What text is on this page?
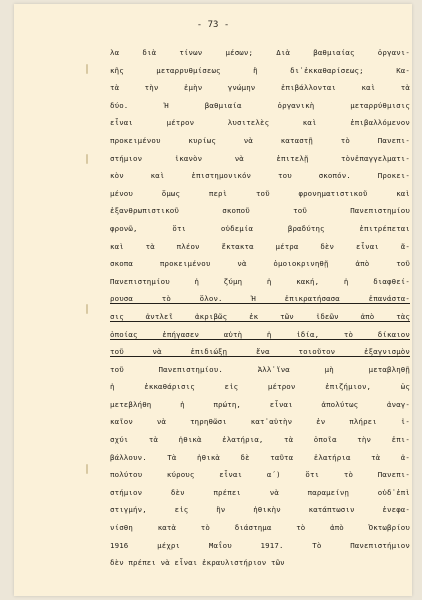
- 73 -
λα διὰ τίνων μέσων; Διὰ βαθμιαίας ὀργανι-
κῆς μεταρρυθμίσεως ἢ δι᾽ἐκκαθαρίσεως; Κα-
τὰ τὴν ἐμὴν γνώμην ἐπιβάλλονται καὶ τὰ
δύο. Ἡ βαθμιαία ὀργανικὴ μεταρρύθμισις
εἶναι μέτρον λυσιτελὲς καὶ ἐπιβαλλόμενον
προκειμένου κυρίως νὰ καταστῇ τὸ Πανεπι-
στήμιον ἱκανὸν νὰ ἐπιτελῇ τὸνἐπαγγελματι-
κὸν καὶ ἐπιστημονικόν του σκοπόν. Προκει-
μένου ὅμως περὶ τοῦ φρονηματιστικοῦ καὶ
ἐξανθρωπιστικοῦ σκοποῦ τοῦ Πανεπιστημίου
φρονῶ, ὅτι οὐδεμία βραδύτης ἐπιτρέπεται
καὶ τὰ πλέον ἔκτακτα μέτρα δὲν εἶναι ἄ-
σκοπα προκειμένου νὰ ὁμοιοκρινηθῇ ἀπὸ τοῦ
Πανεπιστημίου ἡ ζύμη ἡ κακή, ἡ διαφθεί-
ρουσα τὸ ὅλον. Ἡ ἐπικρατήσασα ἐπανάστα-
σις ἀντλεῖ ἀκριβῶς ἐκ τῶν ἰδεῶν ἀπὸ τὰς
ὁποίας ἐπήγασεν αὐτὴ ἡ ἰδία, τὸ δίκαιον
τοῦ νὰ ἐπιδιώξῃ ἕνα τοιοῦτον ἐξαγνισμὸν
τοῦ Πανεπιστημίου. Ἀλλ᾽ἵνα μὴ μεταβληθῇ
ἡ ἐκκαθάρισις εἰς μέτρον ἐπιζήμιον, ὡς
μετεβλήθη ἡ πρώτη, εἶναι ἀπολύτως ἀναγ-
καῖον νὰ τηρηθῶσι κατ᾽αὐτὴν ἐν πλήρει ἰ-
σχύι τὰ ἠθικὰ ἐλατήρια, τὰ ὁποῖα τὴν ἐπι-
βάλλουν. Τὰ ἠθικὰ δὲ ταῦτα ἐλατήρια τὰ ἀ-
πολύτου κύρους εἶναι α΄) ὅτι τὸ Πανεπι-
στήμιον δὲν πρέπει νὰ παραμείνῃ οὐδ᾽ἐπὶ
στιγμήν, εἰς ἣν ἠθικὴν κατάπτωσιν ἐνεφα-
νίσθη κατὰ τὸ διάστημα τὸ ἀπὸ Ὀκτωβρίου
1916 μέχρι Μαΐου 1917. Τὸ Πανεπιστήμιον
δὲν πρέπει νὰ εἶναι ἐκραυλιστήριον τῶν
